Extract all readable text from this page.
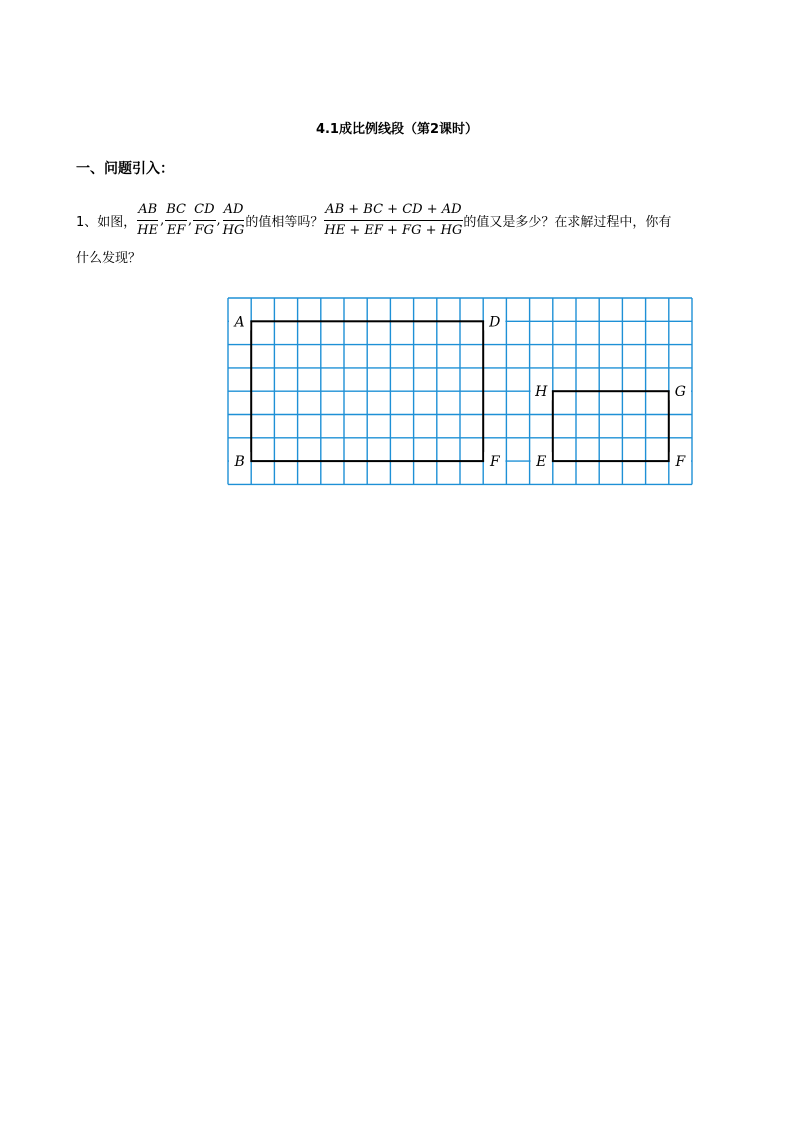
4.1成比例线段（第2课时）
一、问题引入：
1、如图， $\frac{AB}{HE}$ , $\frac{BC}{EF}$ , $\frac{CD}{FG}$ , $\frac{AD}{HG}$ 的值相等吗？ $\frac{AB + BC + CD + AD}{HE + EF + FG + HG}$ 的值又是多少？在求解过程中，你有
什么发现？
A	D
B	F
H	G
E	F
